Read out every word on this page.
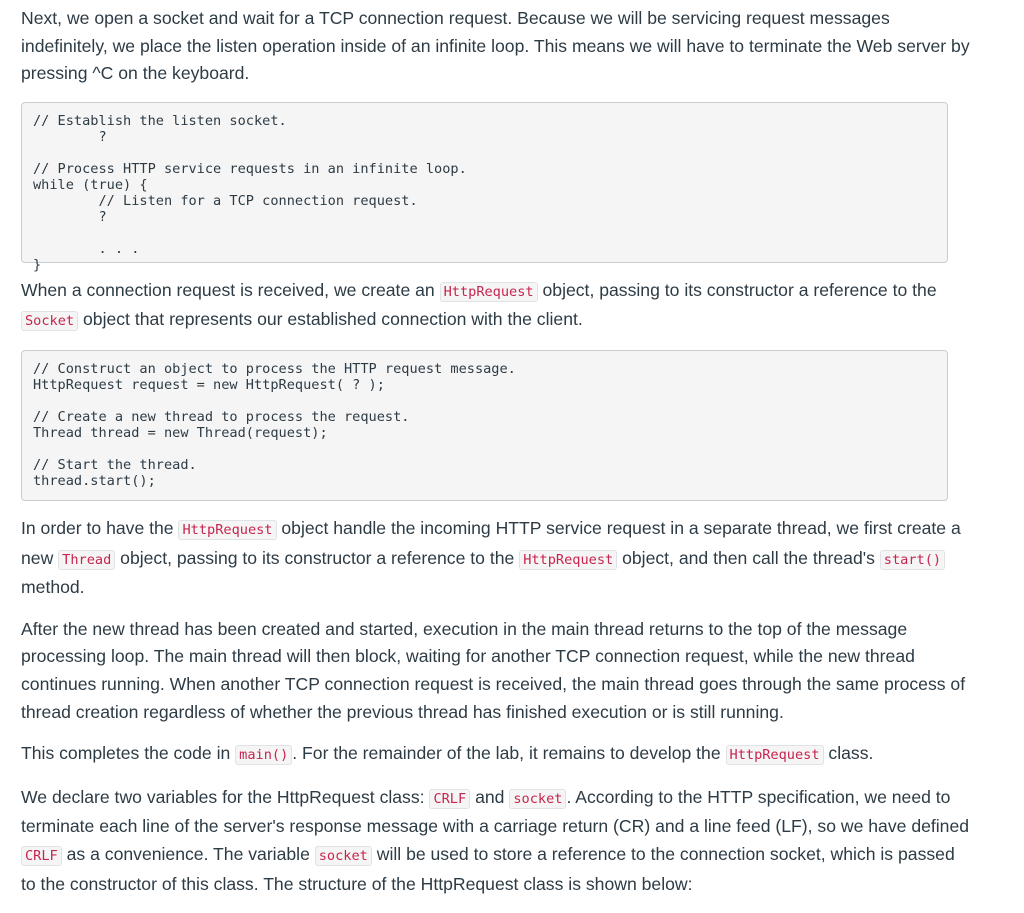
Next, we open a socket and wait for a TCP connection request. Because we will be servicing request messages indefinitely, we place the listen operation inside of an infinite loop. This means we will have to terminate the Web server by pressing ^C on the keyboard.

// Establish the listen socket.
?

// Process HTTP service requests in an infinite loop.
while (true) {
// Listen for a TCP connection request.
?

. . .
}

When a connection request is received, we create an HttpRequest object, passing to its constructor a reference to the Socket object that represents our established connection with the client.

// Construct an object to process the HTTP request message.
HttpRequest request = new HttpRequest( ? );

// Create a new thread to process the request.
Thread thread = new Thread(request);

// Start the thread.
thread.start();

In order to have the HttpRequest object handle the incoming HTTP service request in a separate thread, we first create a new Thread object, passing to its constructor a reference to the HttpRequest object, and then call the thread's start() method.

After the new thread has been created and started, execution in the main thread returns to the top of the message processing loop. The main thread will then block, waiting for another TCP connection request, while the new thread continues running. When another TCP connection request is received, the main thread goes through the same process of thread creation regardless of whether the previous thread has finished execution or is still running.

This completes the code in main() . For the remainder of the lab, it remains to develop the HttpRequest class.

We declare two variables for the HttpRequest class: CRLF and socket . According to the HTTP specification, we need to terminate each line of the server's response message with a carriage return (CR) and a line feed (LF), so we have defined CRLF as a convenience. The variable socket will be used to store a reference to the connection socket, which is passed to the constructor of this class. The structure of the HttpRequest class is shown below:
